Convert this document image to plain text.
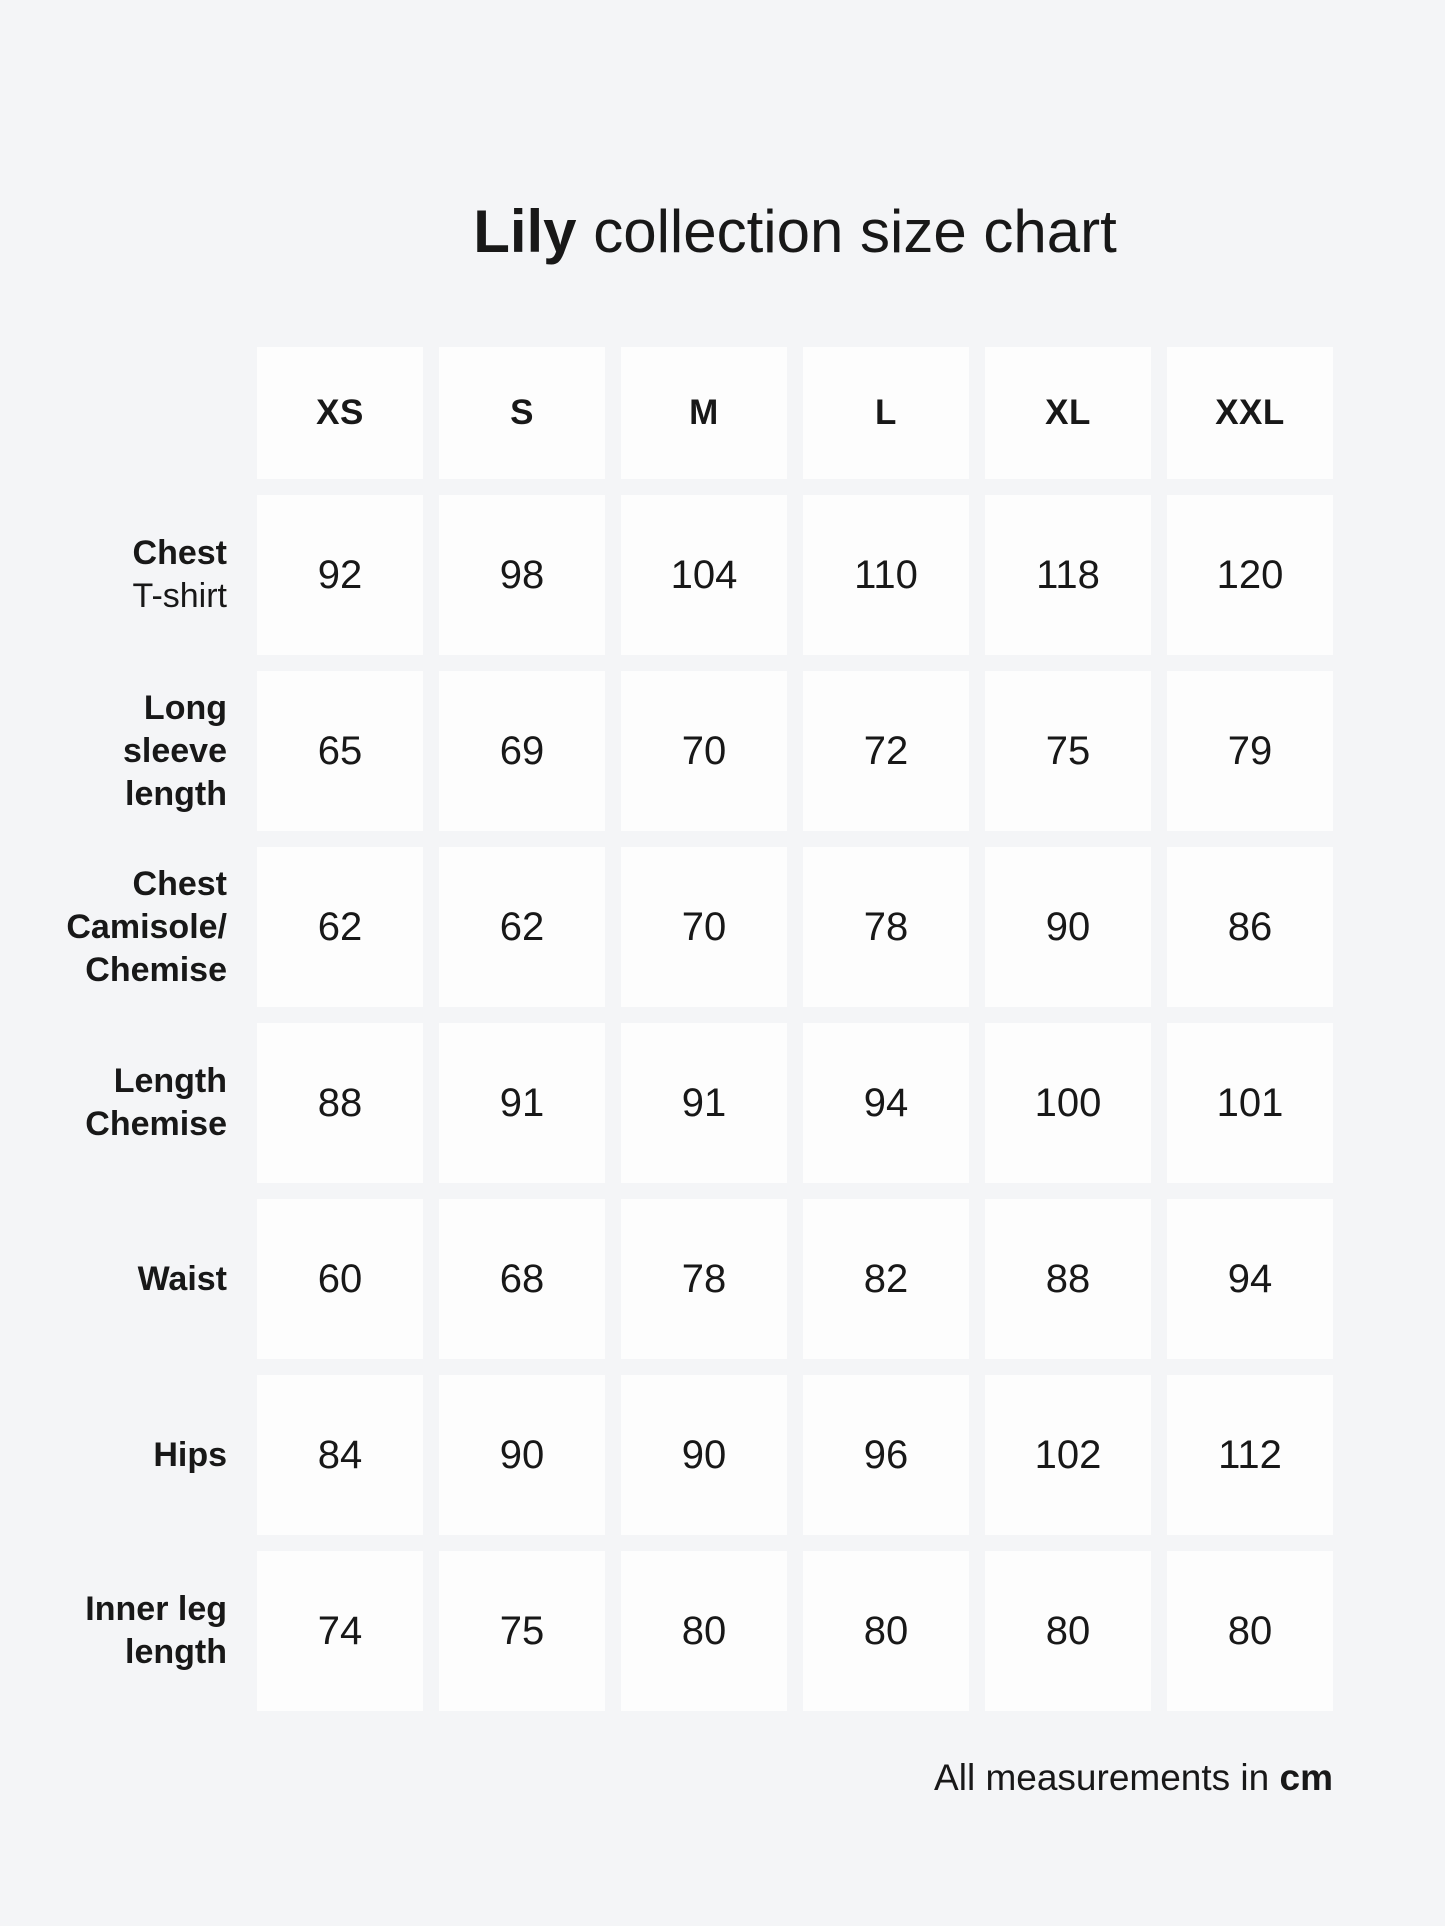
Lily collection size chart
XS	S	M	L	XL	XXL
Chest
T-shirt	92	98	104	110	118	120
Long
sleeve
length
65	69	70	72	75	79
Chest
Camisole/
Chemise
62	62	70	78	90	86
Length
Chemise	88	91	91	94	100	101
Waist	60	68	78	82	88	94
Hips	84	90	90	96	102	112
Inner leg
length	74	75	80	80	80	80
All measurements in cm
